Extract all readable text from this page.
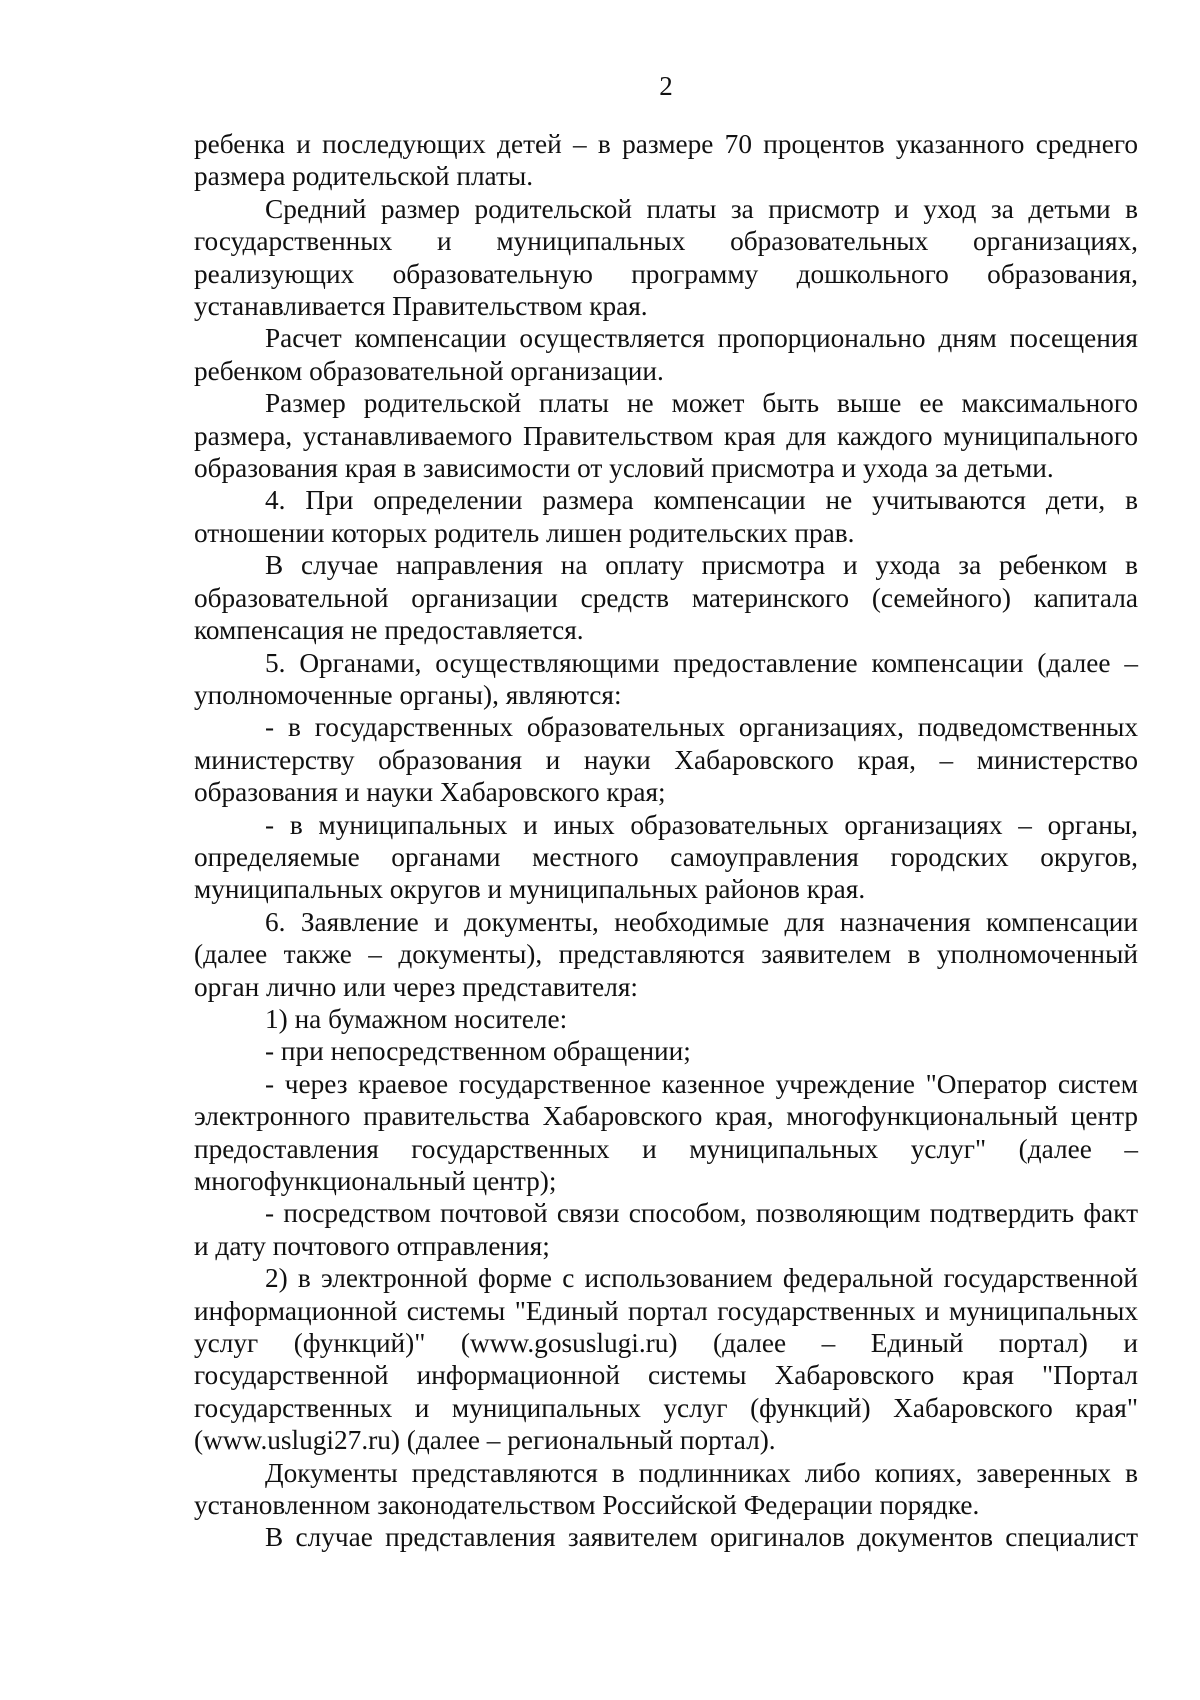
2

ребенка и последующих детей – в размере 70 процентов указанного среднего размера родительской платы.

Средний размер родительской платы за присмотр и уход за детьми в государственных и муниципальных образовательных организациях, реализующих образовательную программу дошкольного образования, устанавливается Правительством края.

Расчет компенсации осуществляется пропорционально дням посещения ребенком образовательной организации.

Размер родительской платы не может быть выше ее максимального размера, устанавливаемого Правительством края для каждого муниципального образования края в зависимости от условий присмотра и ухода за детьми.

4. При определении размера компенсации не учитываются дети, в отношении которых родитель лишен родительских прав.

В случае направления на оплату присмотра и ухода за ребенком в образовательной организации средств материнского (семейного) капитала компенсация не предоставляется.

5. Органами, осуществляющими предоставление компенсации (далее – уполномоченные органы), являются:

- в государственных образовательных организациях, подведомственных министерству образования и науки Хабаровского края, – министерство образования и науки Хабаровского края;

- в муниципальных и иных образовательных организациях – органы, определяемые органами местного самоуправления городских округов, муниципальных округов и муниципальных районов края.

6. Заявление и документы, необходимые для назначения компенсации (далее также – документы), представляются заявителем в уполномоченный орган лично или через представителя:

1) на бумажном носителе:

- при непосредственном обращении;

- через краевое государственное казенное учреждение "Оператор систем электронного правительства Хабаровского края, многофункциональный центр предоставления государственных и муниципальных услуг" (далее – многофункциональный центр);

- посредством почтовой связи способом, позволяющим подтвердить факт и дату почтового отправления;

2) в электронной форме с использованием федеральной государственной информационной системы "Единый портал государственных и муниципальных услуг (функций)" (www.gosuslugi.ru) (далее – Единый портал) и государственной информационной системы Хабаровского края "Портал государственных и муниципальных услуг (функций) Хабаровского края" (www.uslugi27.ru) (далее – региональный портал).

Документы представляются в подлинниках либо копиях, заверенных в установленном законодательством Российской Федерации порядке.

В случае представления заявителем оригиналов документов специалист
